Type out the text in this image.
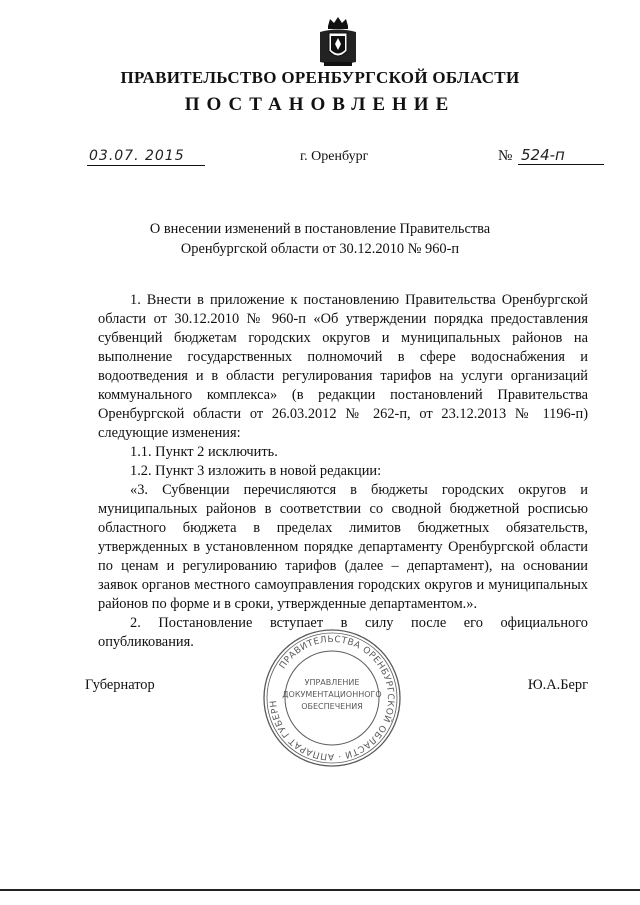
ПРАВИТЕЛЬСТВО ОРЕНБУРГСКОЙ ОБЛАСТИ
ПОСТАНОВЛЕНИЕ
03.07. 2015	г. Оренбург	№ 524-п
О внесении изменений в постановление Правительства
Оренбургской области от 30.12.2010 № 960-п

1. Внести в приложение к постановлению Правительства Оренбургской области от 30.12.2010 № 960-п «Об утверждении порядка предоставления субвенций бюджетам городских округов и муниципальных районов на выполнение государственных полномочий в сфере водоснабжения и водоотведения и в области регулирования тарифов на услуги организаций коммунального комплекса» (в редакции постановлений Правительства Оренбургской области от 26.03.2012 № 262-п, от 23.12.2013 № 1196-п) следующие изменения:

1.1. Пункт 2 исключить.

1.2. Пункт 3 изложить в новой редакции:

«3. Субвенции перечисляются в бюджеты городских округов и муниципальных районов в соответствии со сводной бюджетной росписью областного бюджета в пределах лимитов бюджетных обязательств, утвержденных в установленном порядке департаменту Оренбургской области по ценам и регулированию тарифов (далее – департамент), на основании заявок органов местного самоуправления городских округов и муниципальных районов по форме и в сроки, утвержденные департаментом.».

2. Постановление вступает в силу после его официального опубликования.

Губернатор	Ю.А.Берг
ПРАВИТЕЛЬСТВА ОРЕНБУРГСКОЙ ОБЛАСТИ · АППАРАТ ГУБЕРН
УПРАВЛЕНИЕ
ДОКУМЕНТАЦИОННОГО
ОБЕСПЕЧЕНИЯ
